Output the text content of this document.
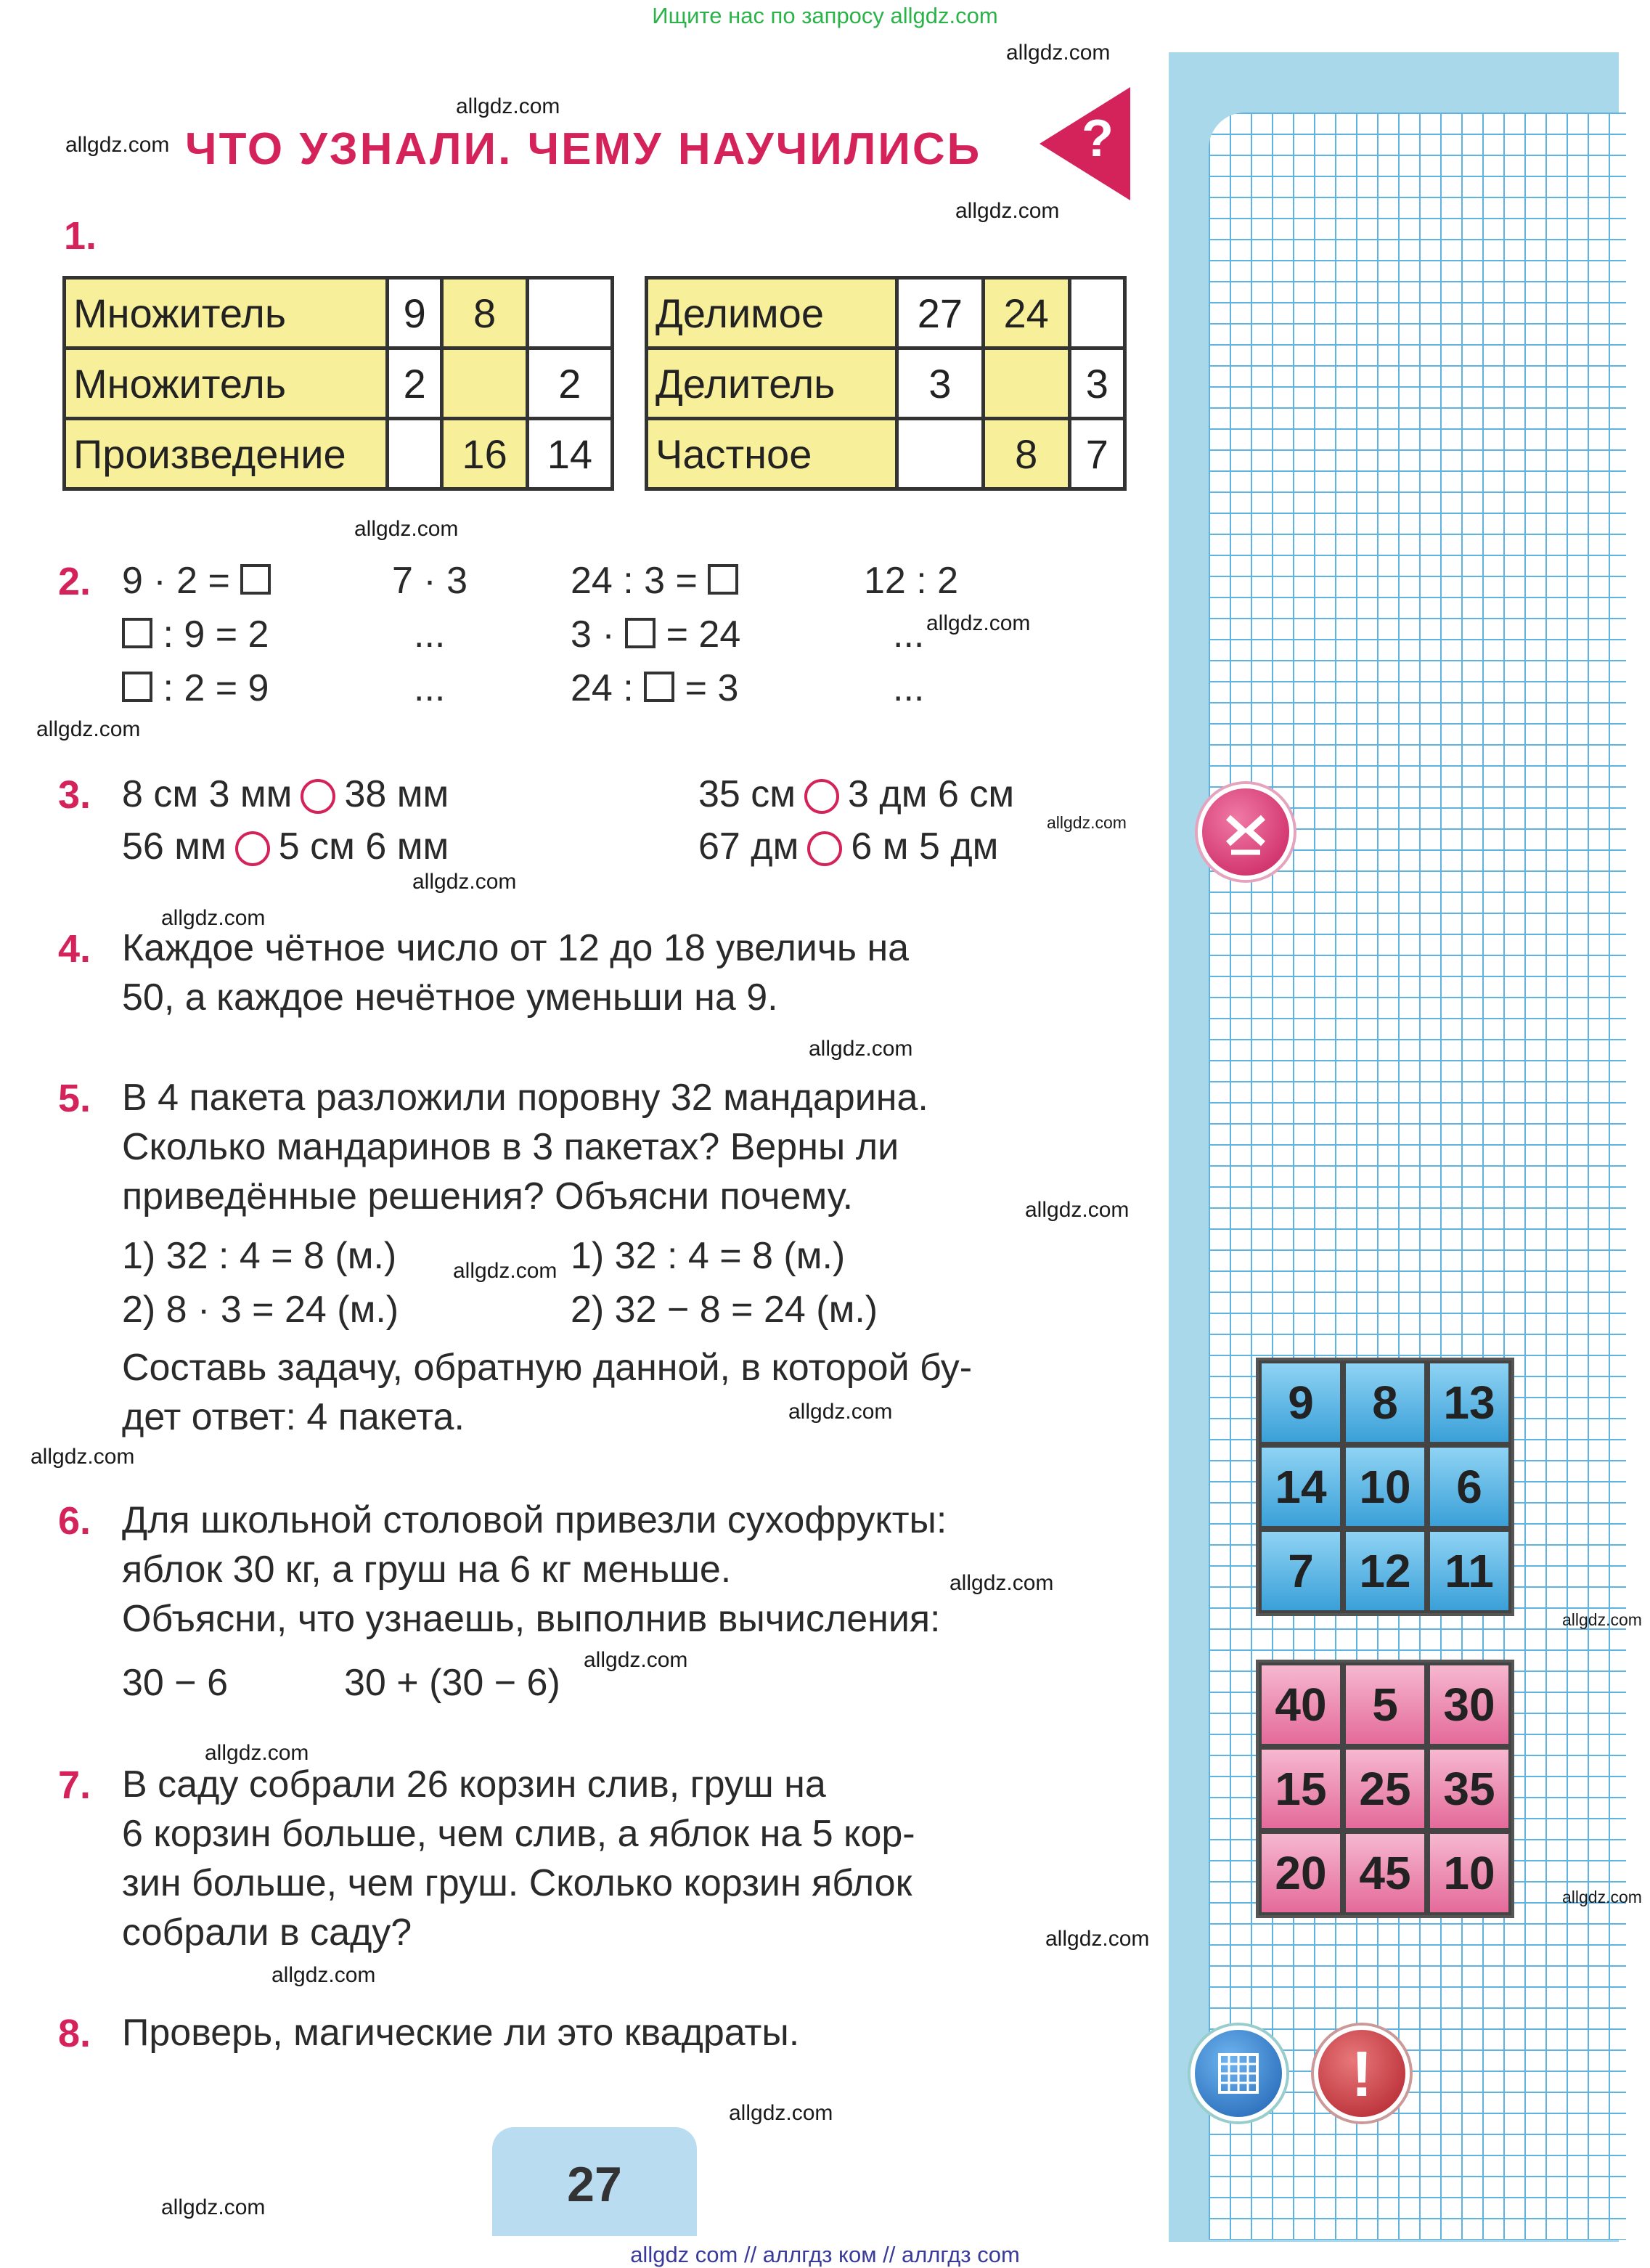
Ищите нас по запросу allgdz.com
ЧТО УЗНАЛИ. ЧЕМУ НАУЧИЛИСЬ ?
allgdz.com
allgdz.com
allgdz.com
allgdz.com
allgdz.com
allgdz.com
allgdz.com
allgdz.com
allgdz.com
allgdz.com
allgdz.com
allgdz.com
allgdz.com
allgdz.com
allgdz.com
allgdz.com
allgdz.com
allgdz.com
allgdz.com
allgdz.com
allgdz.com
allgdz.com
allgdz.com
allgdz.com
1.
Множитель	9	8	
Множитель	2		2
Произведение		16	14
Делимое	27	24	
Делитель	3		3
Частное		8	7
2. 9 · 2 =
: 9 = 2
: 2 = 9
7 · 3
...
...
24 : 3 =
3 ·  = 24
24 :  = 3
12 : 2
...
...
3. 8 см 3 мм 38 мм
56 мм 5 см 6 мм
35 см 3 дм 6 см
67 дм 6 м 5 дм
4. Каждое чётное число от 12 до 18 увеличь на
50, а каждое нечётное уменьши на 9.
5. В 4 пакета разложили поровну 32 мандарина.
Сколько мандаринов в 3 пакетах? Верны ли
приведённые решения? Объясни почему.
1) 32 : 4 = 8 (м.)
2) 8 · 3 = 24 (м.)
1) 32 : 4 = 8 (м.)
2) 32 − 8 = 24 (м.)
Составь задачу, обратную данной, в которой бу-
дет ответ: 4 пакета.
6. Для школьной столовой привезли сухофрукты:
яблок 30 кг, а груш на 6 кг меньше.
Объясни, что узнаешь, выполнив вычисления:
30 − 6	30 + (30 − 6)
7. В саду собрали 26 корзин слив, груш на
6 корзин больше, чем слив, а яблок на 5 кор-
зин больше, чем груш. Сколько корзин яблок
собрали в саду?
8. Проверь, магические ли это квадраты.
9	8 13
14 10 6
7 12 11
40 5 30
15 25 35
20 45 10
!
27
allgdz com // аллгдз ком // аллгдз com
